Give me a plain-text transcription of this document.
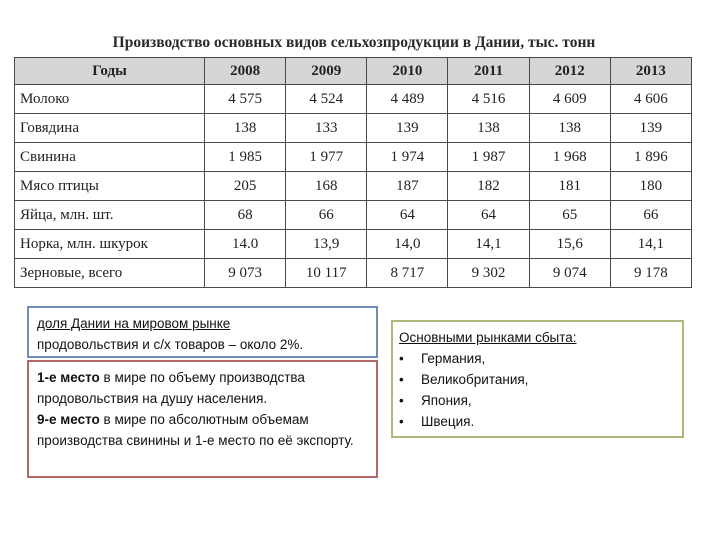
Производство основных видов сельхозпродукции в Дании, тыс. тонн
Годы	2008	2009	2010	2011	2012	2013
Молоко	4 575	4 524	4 489	4 516	4 609	4 606
Говядина	138	133	139	138	138	139
Свинина	1 985	1 977	1 974	1 987	1 968	1 896
Мясо птицы	205	168	187	182	181	180
Яйца, млн. шт.	68	66	64	64	65	66
Норка, млн. шкурок	14.0	13,9	14,0	14,1	15,6	14,1
Зерновые, всего	9 073	10 117	8 717	9 302	9 074	9 178
доля Дании на мировом рынке
продовольствия и с/х товаров – около 2%.
1-е место в мире по объему производства продовольствия на душу населения.
9-е место в мире по абсолютным объемам производства свинины и 1-е место по её экспорту.
Основными рынками сбыта:
•	Германия,
•	Великобритания,
•	Япония,
•	Швеция.
